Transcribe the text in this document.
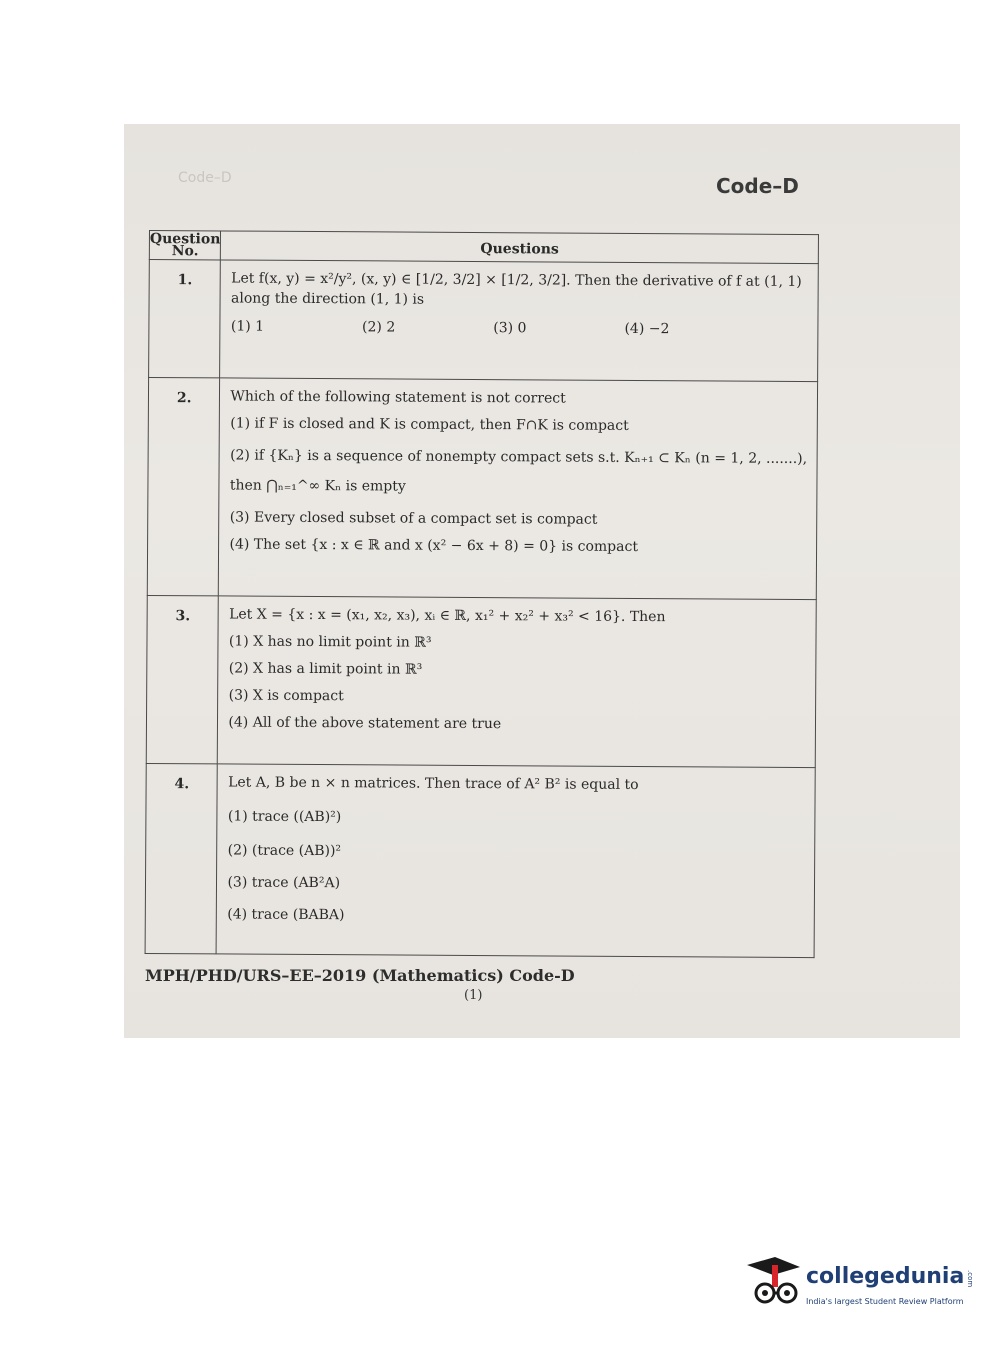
Code–D	Code–D
Question No.	Questions
1.	Let f(x, y) = x²/y², (x, y) ∈ [1/2, 3/2] × [1/2, 3/2]. Then the derivative of f at (1, 1) along the direction (1, 1) is
(1) 1 (2) 2 (3) 0 (4) −2

2.	Which of the following statement is not correct
(1) if F is closed and K is compact, then F∩K is compact
(2) if {Kₙ} is a sequence of nonempty compact sets s.t. Kₙ₊₁ ⊂ Kₙ (n = 1, 2, .......), then ⋂ₙ₌₁^∞ Kₙ is empty
(3) Every closed subset of a compact set is compact
(4) The set {x : x ∈ ℝ and x (x² − 6x + 8) = 0} is compact

3.	Let X = {x : x = (x₁, x₂, x₃), xᵢ ∈ ℝ, x₁² + x₂² + x₃² < 16}. Then
(1) X has no limit point in ℝ³
(2) X has a limit point in ℝ³
(3) X is compact
(4) All of the above statement are true

4.	Let A, B be n × n matrices. Then trace of A² B² is equal to
(1) trace ((AB)²)
(2) (trace (AB))²
(3) trace (AB²A)
(4) trace (BABA)
MPH/PHD/URS–EE–2019 (Mathematics) Code-D
(1)
collegedunia
India's largest Student Review Platform
.com
